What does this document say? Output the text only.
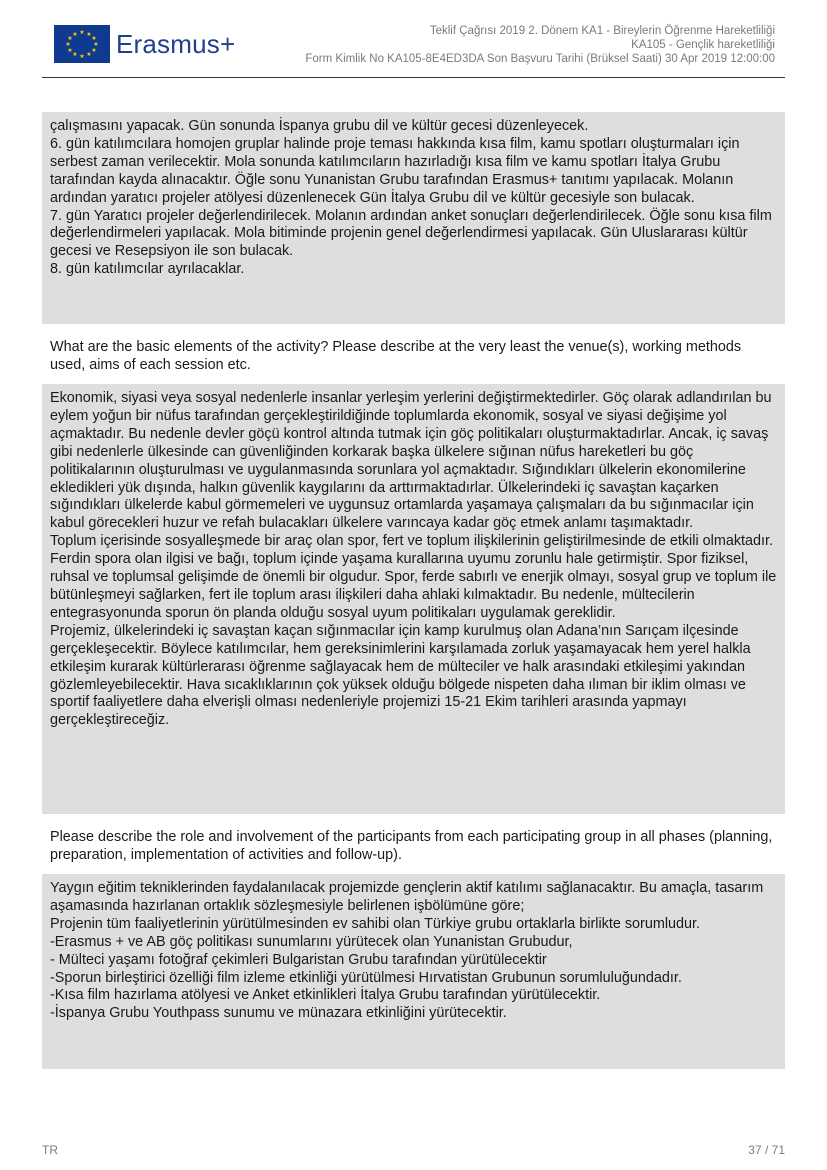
★ ★
★
★
★
★
★
★
★
★
★
★ Erasmus+	Teklif Çağrısı 2019 2. Dönem KA1 - Bireylerin Öğrenme Hareketliliği
KA105 - Gençlik hareketliliği
Form Kimlik No KA105-8E4ED3DA Son Başvuru Tarihi (Brüksel Saati) 30 Apr 2019 12:00:00
çalışmasını yapacak. Gün sonunda İspanya grubu dil ve kültür gecesi düzenleyecek.
6. gün katılımcılara homojen gruplar halinde proje teması hakkında kısa film, kamu spotları oluşturmaları için serbest zaman verilecektir. Mola sonunda katılımcıların hazırladığı kısa film ve kamu spotları İtalya Grubu tarafından kayda alınacaktır. Öğle sonu Yunanistan Grubu tarafından Erasmus+ tanıtımı yapılacak. Molanın ardından yaratıcı projeler atölyesi düzenlenecek Gün İtalya Grubu dil ve kültür gecesiyle son bulacak.
7. gün Yaratıcı projeler değerlendirilecek. Molanın ardından anket sonuçları değerlendirilecek. Öğle sonu kısa film değerlendirmeleri yapılacak. Mola bitiminde projenin genel değerlendirmesi yapılacak. Gün Uluslararası kültür gecesi ve Resepsiyon ile son bulacak.
8. gün katılımcılar ayrılacaklar.
What are the basic elements of the activity? Please describe at the very least the venue(s), working methods used, aims of each session etc.
Ekonomik, siyasi veya sosyal nedenlerle insanlar yerleşim yerlerini değiştirmektedirler. Göç olarak adlandırılan bu eylem yoğun bir nüfus tarafından gerçekleştirildiğinde toplumlarda ekonomik, sosyal ve siyasi değişime yol açmaktadır. Bu nedenle devler göçü kontrol altında tutmak için göç politikaları oluşturmaktadırlar. Ancak, iç savaş gibi nedenlerle ülkesinde can güvenliğinden korkarak başka ülkelere sığınan nüfus hareketleri bu göç politikalarının oluşturulması ve uygulanmasında sorunlara yol açmaktadır. Sığındıkları ülkelerin ekonomilerine ekledikleri yük dışında, halkın güvenlik kaygılarını da arttırmaktadırlar. Ülkelerindeki iç savaştan kaçarken sığındıkları ülkelerde kabul görmemeleri ve uygunsuz ortamlarda yaşamaya çalışmaları da bu sığınmacılar için kabul görecekleri huzur ve refah bulacakları ülkelere varıncaya kadar göç etmek anlamı taşımaktadır.
Toplum içerisinde sosyalleşmede bir araç olan spor, fert ve toplum ilişkilerinin geliştirilmesinde de etkili olmaktadır. Ferdin spora olan ilgisi ve bağı, toplum içinde yaşama kurallarına uyumu zorunlu hale getirmiştir. Spor fiziksel, ruhsal ve toplumsal gelişimde de önemli bir olgudur. Spor, ferde sabırlı ve enerjik olmayı, sosyal grup ve toplum ile bütünleşmeyi sağlarken, fert ile toplum arası ilişkileri daha ahlaki kılmaktadır. Bu nedenle, mültecilerin entegrasyonunda sporun ön planda olduğu sosyal uyum politikaları uygulamak gereklidir.
Projemiz, ülkelerindeki iç savaştan kaçan sığınmacılar için kamp kurulmuş olan Adana’nın Sarıçam ilçesinde gerçekleşecektir. Böylece katılımcılar, hem gereksinimlerini karşılamada zorluk yaşamayacak hem yerel halkla etkileşim kurarak kültürlerarası öğrenme sağlayacak hem de mülteciler ve halk arasındaki etkileşimi yakından gözlemleyebilecektir. Hava sıcaklıklarının çok yüksek olduğu bölgede nispeten daha ılıman bir iklim olması ve sportif faaliyetlere daha elverişli olması nedenleriyle projemizi 15-21 Ekim tarihleri arasında yapmayı gerçekleştireceğiz.
Please describe the role and involvement of the participants from each participating group in all phases (planning, preparation, implementation of activities and follow-up).
Yaygın eğitim tekniklerinden faydalanılacak projemizde gençlerin aktif katılımı sağlanacaktır. Bu amaçla, tasarım aşamasında hazırlanan ortaklık sözleşmesiyle belirlenen işbölümüne göre;
Projenin tüm faaliyetlerinin yürütülmesinden ev sahibi olan Türkiye grubu ortaklarla birlikte sorumludur.
-Erasmus + ve AB göç politikası sunumlarını yürütecek olan Yunanistan Grubudur,
- Mülteci yaşamı fotoğraf çekimleri Bulgaristan Grubu tarafından yürütülecektir
-Sporun birleştirici özelliği film izleme etkinliği yürütülmesi Hırvatistan Grubunun sorumluluğundadır.
-Kısa film hazırlama atölyesi ve Anket etkinlikleri İtalya Grubu tarafından yürütülecektir.
-İspanya Grubu Youthpass sunumu ve münazara etkinliğini yürütecektir.
TR	37 / 71
